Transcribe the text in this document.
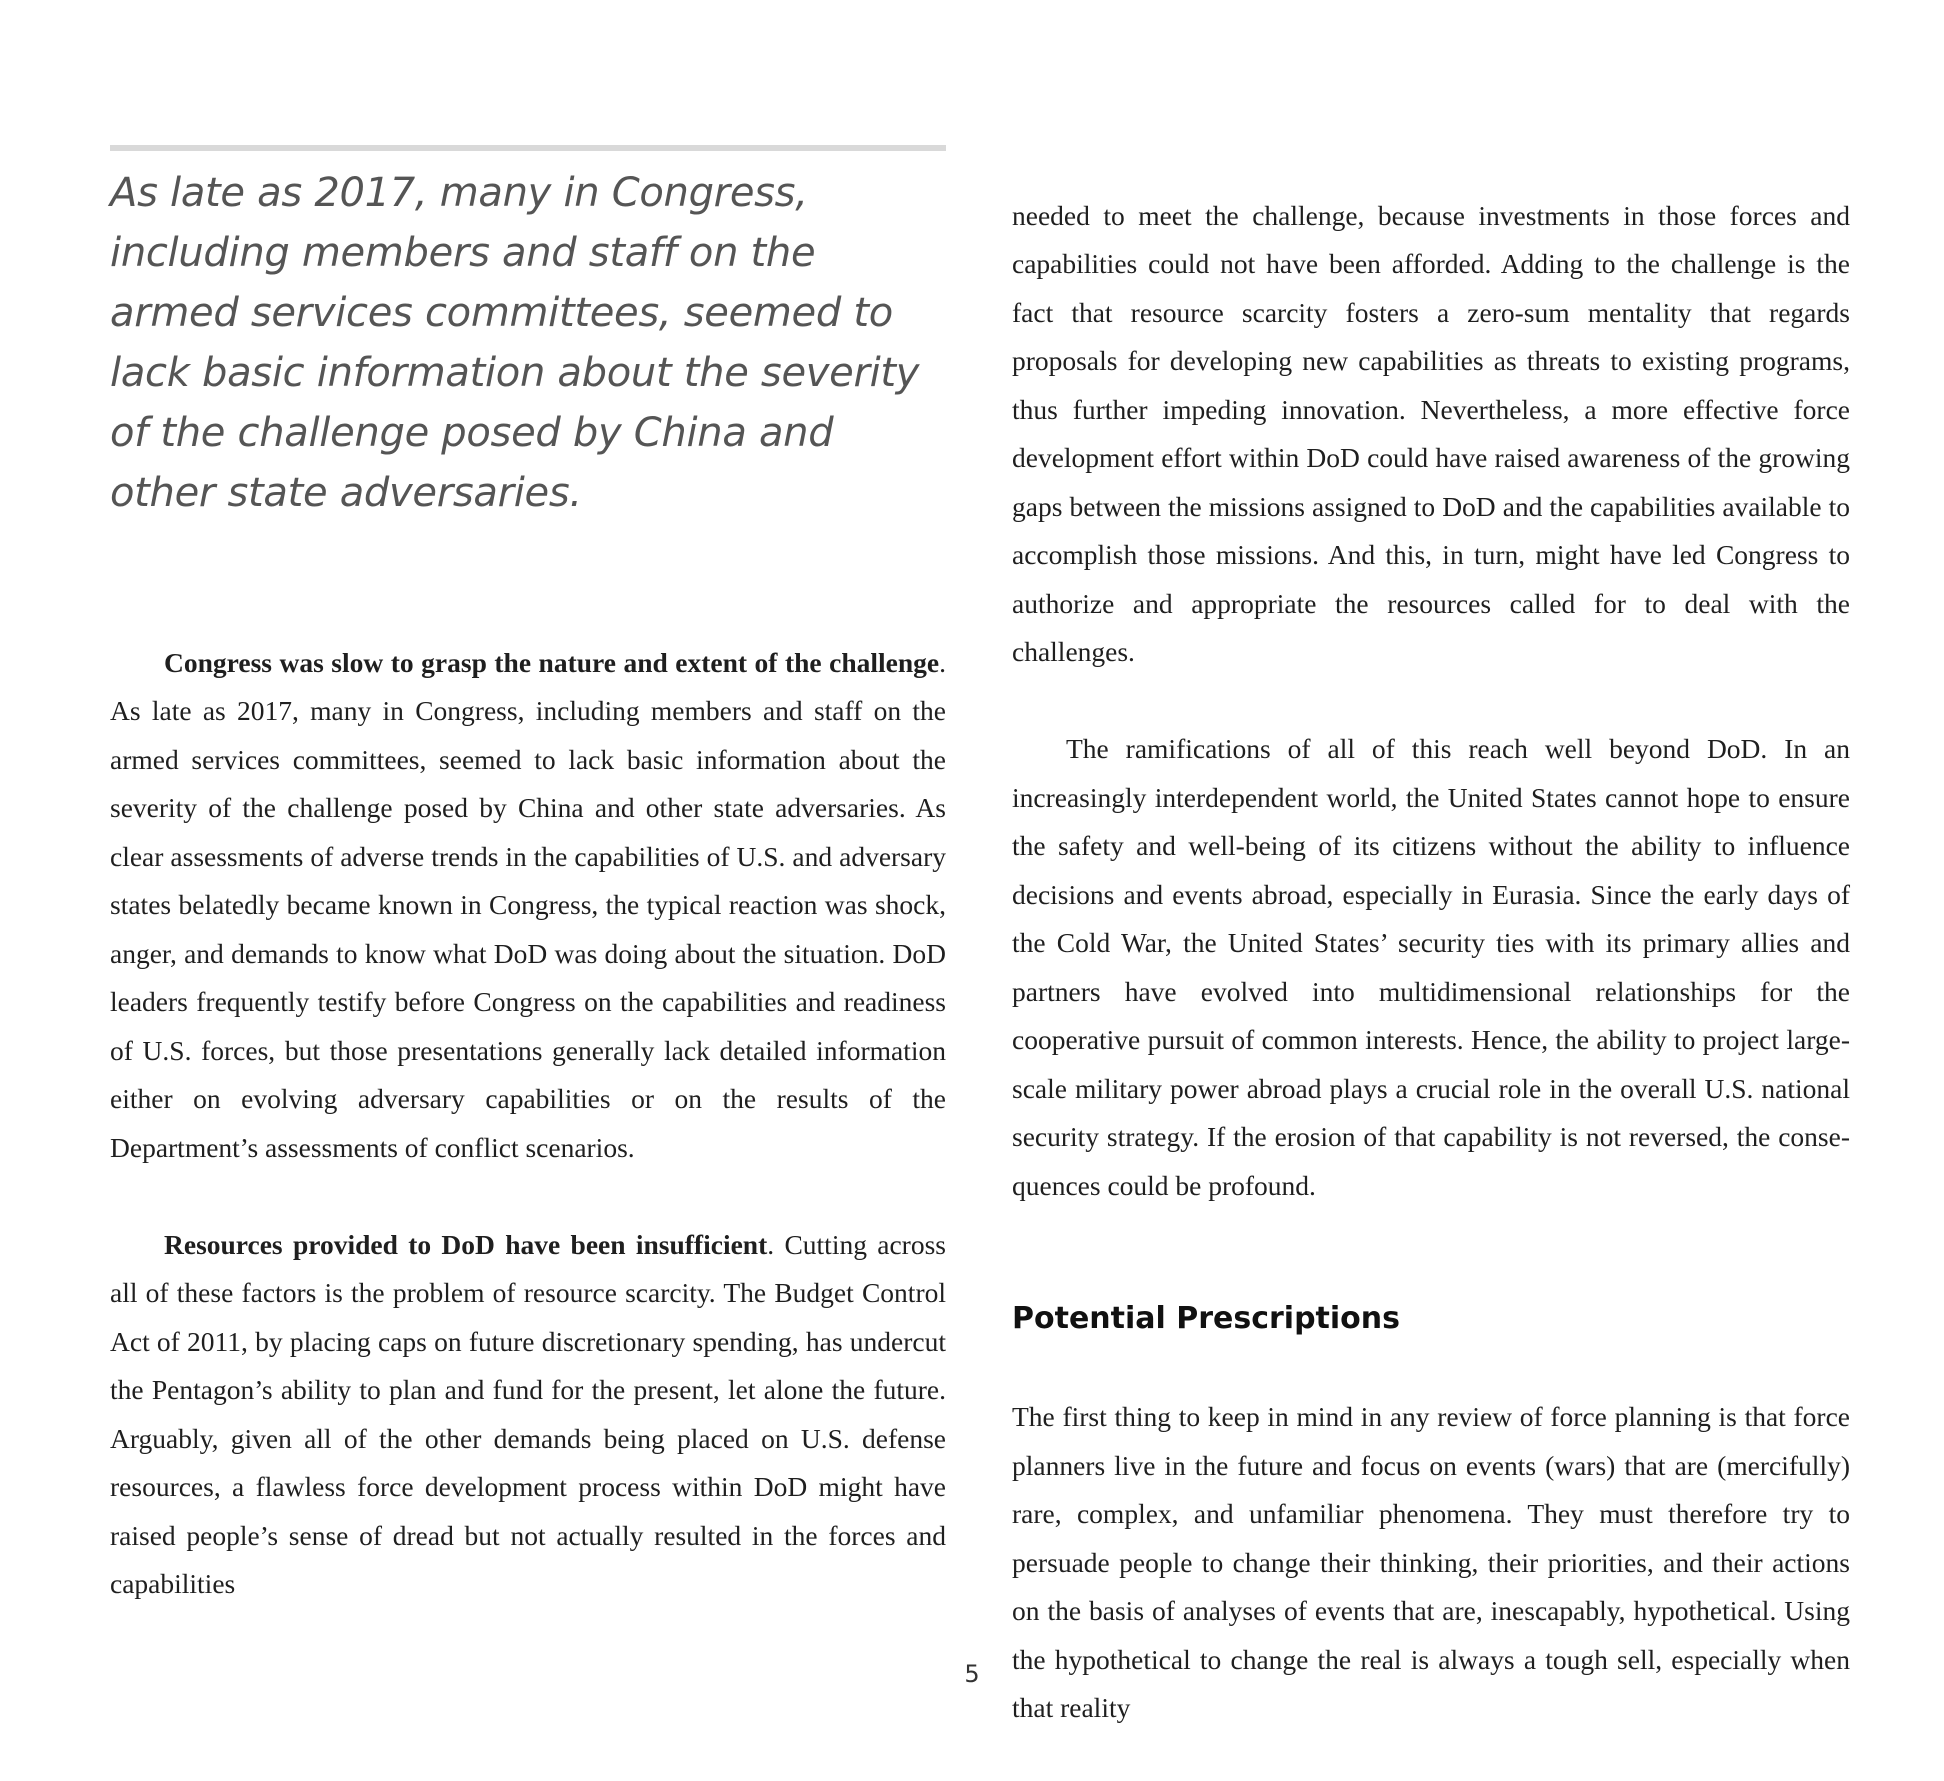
As late as 2017, many in Congress, including members and staff on the armed services committees, seemed to lack basic information about the severity of the challenge posed by China and other state adversaries.

Congress was slow to grasp the nature and extent of the challenge. As late as 2017, many in Congress, including members and staff on the armed services committees, seemed to lack basic information about the severity of the challenge posed by China and other state adversaries. As clear assessments of adverse trends in the capabilities of U.S. and adversary states belatedly became known in Congress, the typical reaction was shock, anger, and demands to know what DoD was doing about the situation. DoD leaders frequently testify before Congress on the capabilities and readiness of U.S. forces, but those presentations generally lack detailed information either on evolving adversary capabilities or on the results of the Department’s assessments of conflict scenarios.

Resources provided to DoD have been insufficient. Cutting across all of these factors is the problem of resource scarcity. The Budget Control Act of 2011, by placing caps on future discretionary spending, has undercut the Pentagon’s ability to plan and fund for the present, let alone the future. Arguably, given all of the other demands being placed on U.S. defense resources, a flawless force development process within DoD might have raised people’s sense of dread but not actually resulted in the forces and capabilities

needed to meet the challenge, because investments in those forces and capabilities could not have been afforded. Adding to the challenge is the fact that resource scarcity fosters a zero-sum mentality that regards proposals for developing new capabilities as threats to existing programs, thus further impeding innovation. Nevertheless, a more effective force development effort within DoD could have raised awareness of the growing gaps between the missions assigned to DoD and the capabilities available to accomplish those missions. And this, in turn, might have led Congress to authorize and appropriate the resources called for to deal with the challenges.

The ramifications of all of this reach well beyond DoD. In an increasingly interdependent world, the United States cannot hope to ensure the safety and well-being of its citizens without the ability to influence decisions and events abroad, especially in Eurasia. Since the early days of the Cold War, the United States’ security ties with its primary allies and partners have evolved into multidimensional relationships for the cooperative pursuit of common interests. Hence, the ability to project large-scale military power abroad plays a crucial role in the overall U.S. national security strategy. If the erosion of that capability is not reversed, the consequences could be profound.

Potential Prescriptions

The first thing to keep in mind in any review of force planning is that force planners live in the future and focus on events (wars) that are (mercifully) rare, complex, and unfamiliar phenomena. They must therefore try to persuade people to change their thinking, their priorities, and their actions on the basis of analyses of events that are, inescapably, hypothetical. Using the hypothetical to change the real is always a tough sell, especially when that reality

5
